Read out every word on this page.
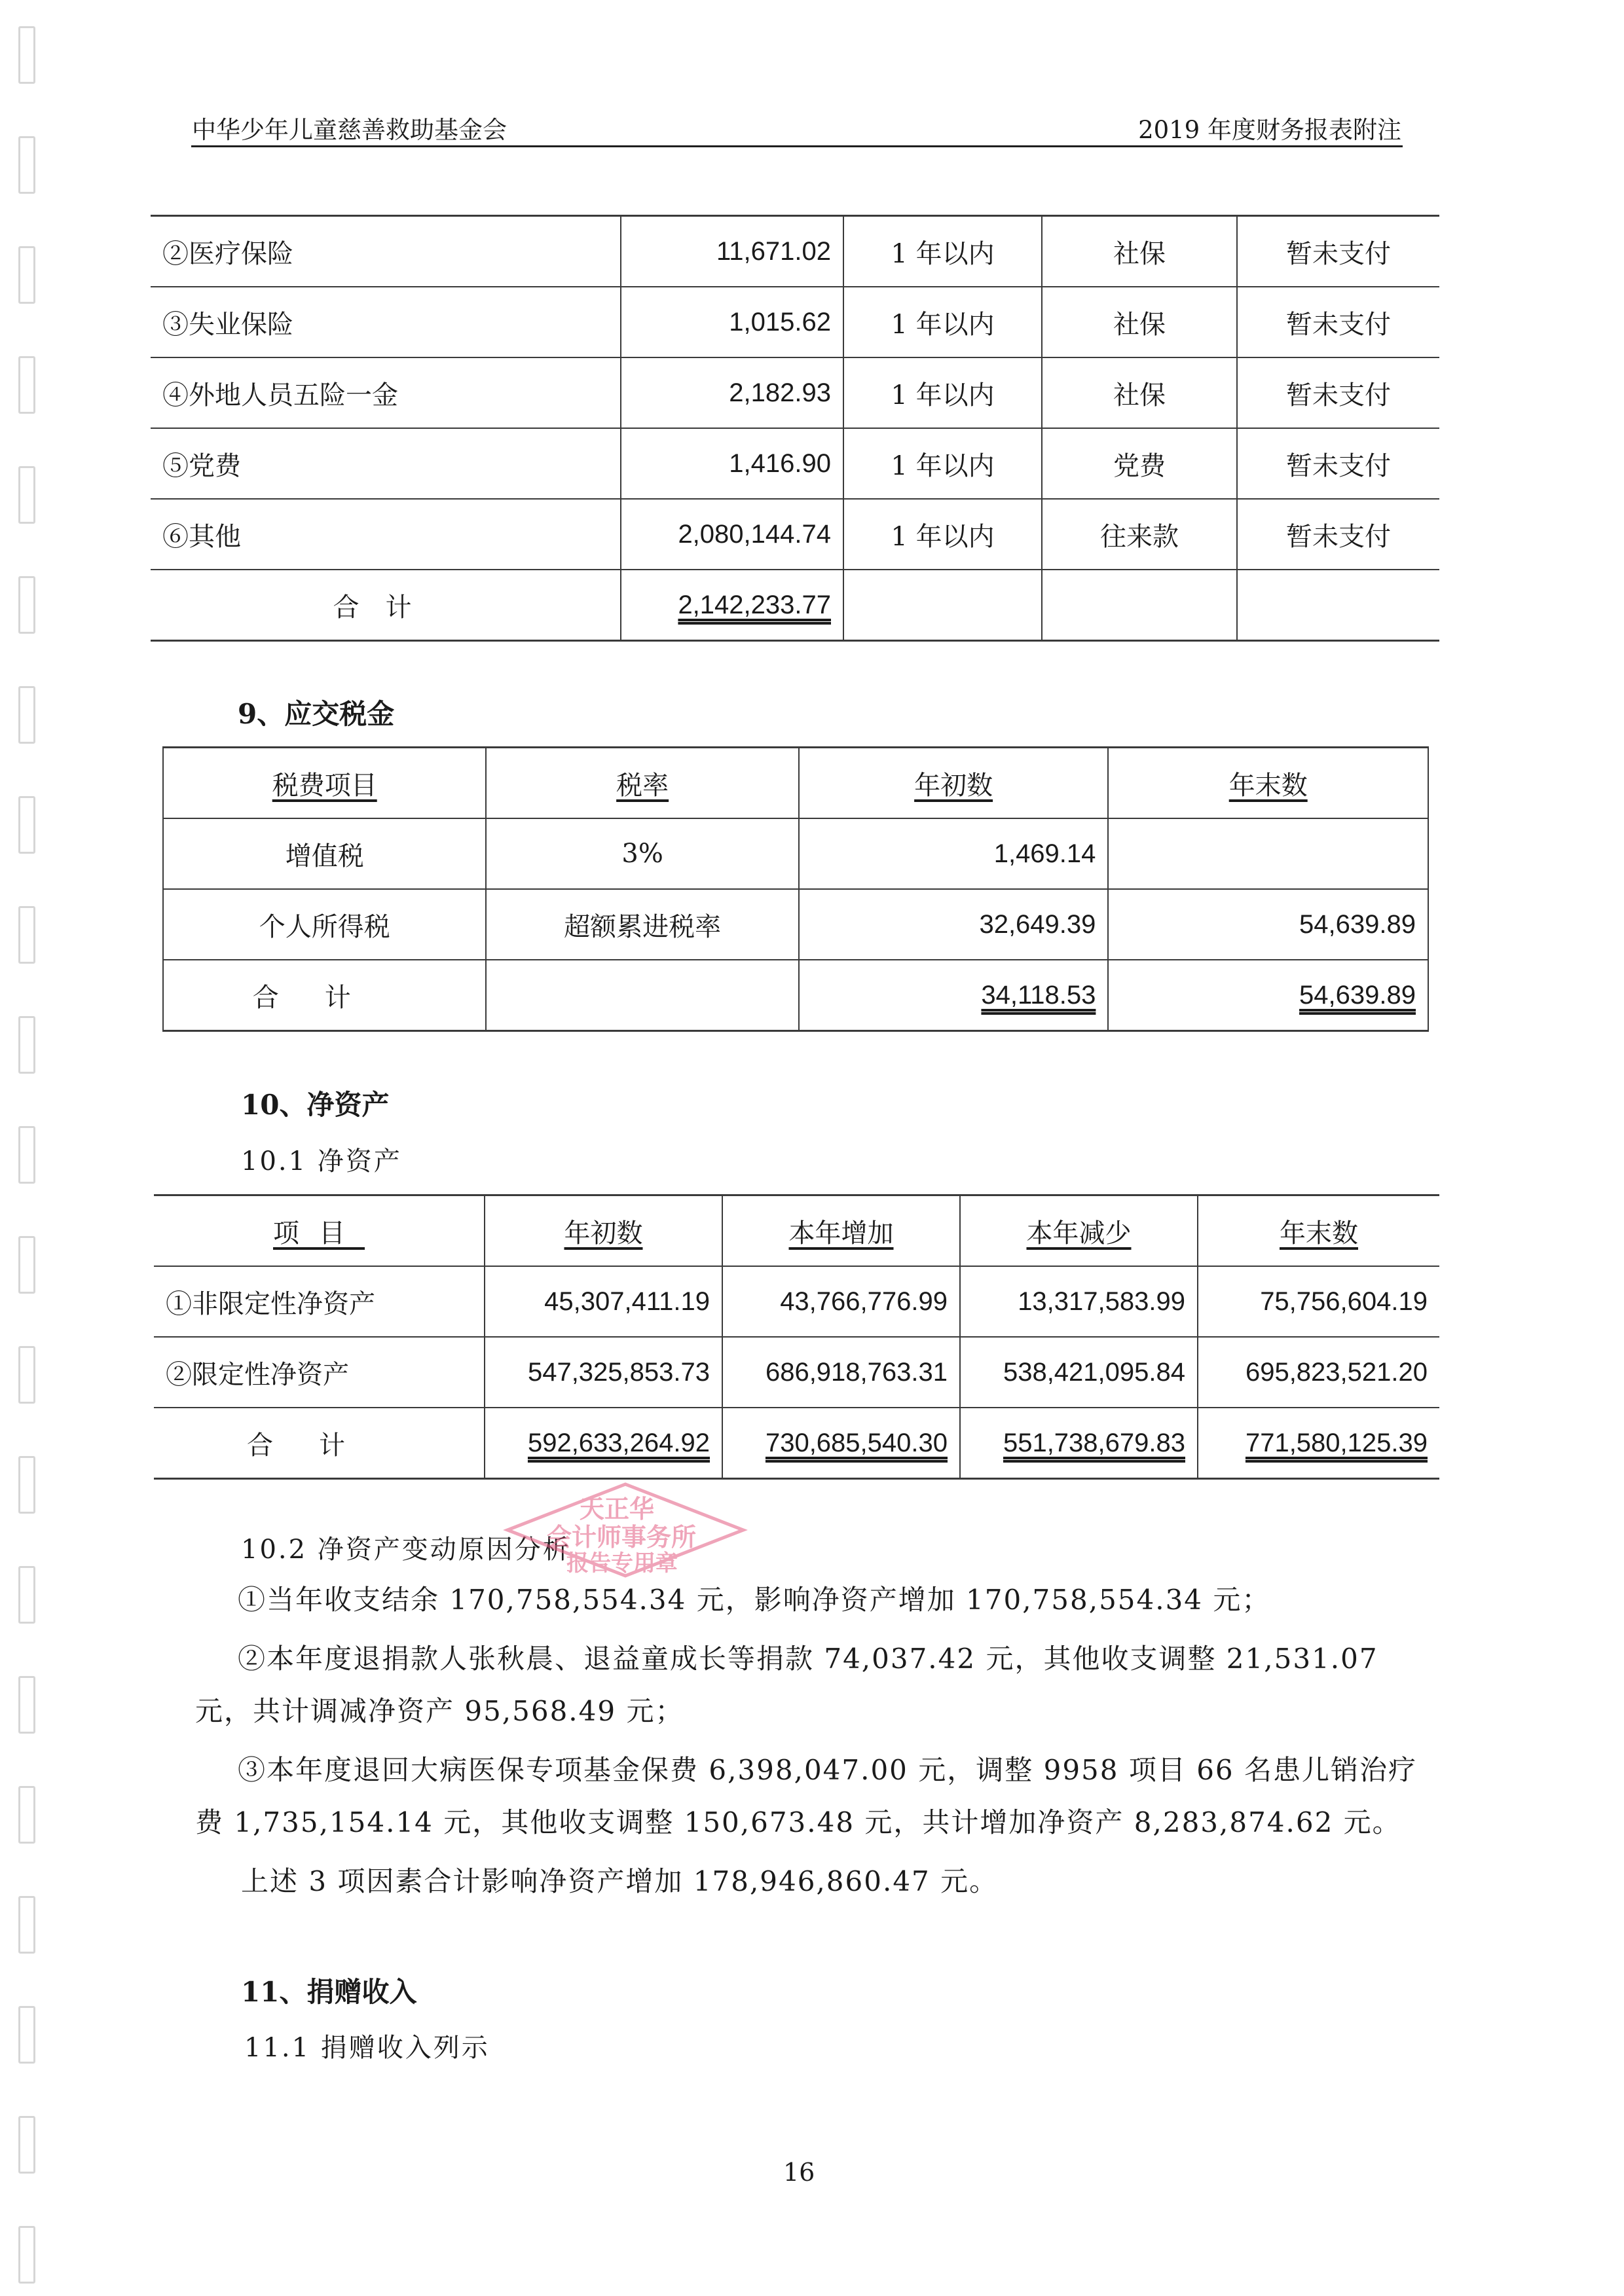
中华少年儿童慈善救助基金会	2019 年度财务报表附注
②医疗保险	11,671.02	1 年以内	社保	暂未支付
③失业保险	1,015.62	1 年以内	社保	暂未支付
④外地人员五险一金	2,182.93	1 年以内	社保	暂未支付
⑤党费	1,416.90	1 年以内	党费	暂未支付
⑥其他	2,080,144.74	1 年以内	往来款	暂未支付
合计	2,142,233.77			
9、应交税金
税费项目	税率	年初数	年末数
增值税	3%	1,469.14	
个人所得税	超额累进税率	32,649.39	54,639.89
合计		34,118.53	54,639.89
10、净资产
10.1 净资产
项目	年初数	本年增加	本年减少	年末数
①非限定性净资产	45,307,411.19	43,766,776.99	13,317,583.99	75,756,604.19
②限定性净资产	547,325,853.73	686,918,763.31	538,421,095.84	695,823,521.20
合计	592,633,264.92	730,685,540.30	551,738,679.83	771,580,125.39
10.2 净资产变动原因分析
天正华
会计师事务所
报告专用章
①当年收支结余 170,758,554.34 元，影响净资产增加 170,758,554.34 元；
②本年度退捐款人张秋晨、退益童成长等捐款 74,037.42 元，其他收支调整 21,531.07
元，共计调减净资产 95,568.49 元；
③本年度退回大病医保专项基金保费 6,398,047.00 元，调整 9958 项目 66 名患儿销治疗
费 1,735,154.14 元，其他收支调整 150,673.48 元，共计增加净资产 8,283,874.62 元。
上述 3 项因素合计影响净资产增加 178,946,860.47 元。
11、捐赠收入
11.1 捐赠收入列示
16
